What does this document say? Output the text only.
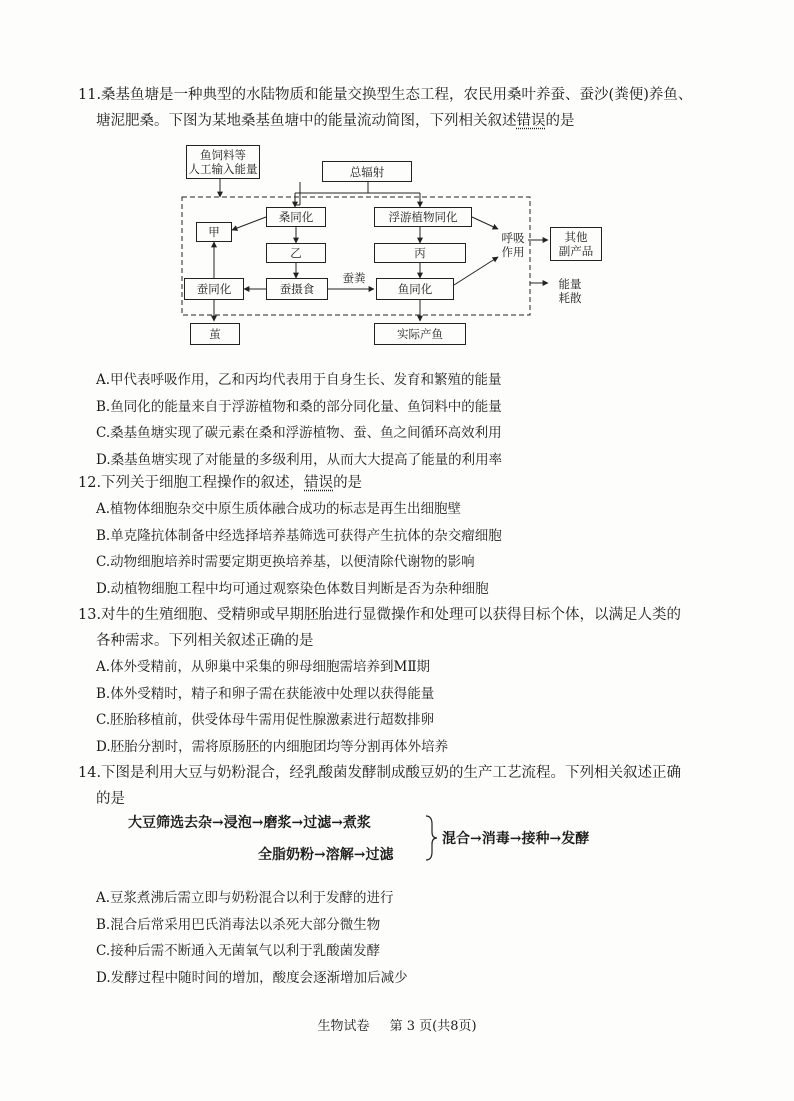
11.桑基鱼塘是一种典型的水陆物质和能量交换型生态工程，农民用桑叶养蚕、蚕沙(粪便)养鱼、

塘泥肥桑。下图为某地桑基鱼塘中的能量流动简图，下列相关叙述错误的是

鱼饲料等
人工输入能量	总辐射
桑同化	浮游植物同化
甲
乙	丙
蚕同化	蚕摄食	鱼同化
蚕粪
呼吸
作用
其他
副产品
能量
耗散
茧	实际产鱼

A.甲代表呼吸作用，乙和丙均代表用于自身生长、发育和繁殖的能量

B.鱼同化的能量来自于浮游植物和桑的部分同化量、鱼饲料中的能量

C.桑基鱼塘实现了碳元素在桑和浮游植物、蚕、鱼之间循环高效利用

D.桑基鱼塘实现了对能量的多级利用，从而大大提高了能量的利用率

12.下列关于细胞工程操作的叙述，错误的是

A.植物体细胞杂交中原生质体融合成功的标志是再生出细胞壁

B.单克隆抗体制备中经选择培养基筛选可获得产生抗体的杂交瘤细胞

C.动物细胞培养时需要定期更换培养基，以便清除代谢物的影响

D.动植物细胞工程中均可通过观察染色体数目判断是否为杂种细胞

13.对牛的生殖细胞、受精卵或早期胚胎进行显微操作和处理可以获得目标个体，以满足人类的

各种需求。下列相关叙述正确的是

A.体外受精前，从卵巢中采集的卵母细胞需培养到MⅡ期

B.体外受精时，精子和卵子需在获能液中处理以获得能量

C.胚胎移植前，供受体母牛需用促性腺激素进行超数排卵

D.胚胎分割时，需将原肠胚的内细胞团均等分割再体外培养

14.下图是利用大豆与奶粉混合，经乳酸菌发酵制成酸豆奶的生产工艺流程。下列相关叙述正确

的是

大豆筛选去杂→浸泡→磨浆→过滤→煮浆
全脂奶粉→溶解→过滤
混合→消毒→接种→发酵

A.豆浆煮沸后需立即与奶粉混合以利于发酵的进行

B.混合后常采用巴氏消毒法以杀死大部分微生物

C.接种后需不断通入无菌氧气以利于乳酸菌发酵

D.发酵过程中随时间的增加，酸度会逐渐增加后减少

生物试卷 第 3 页(共8页)
